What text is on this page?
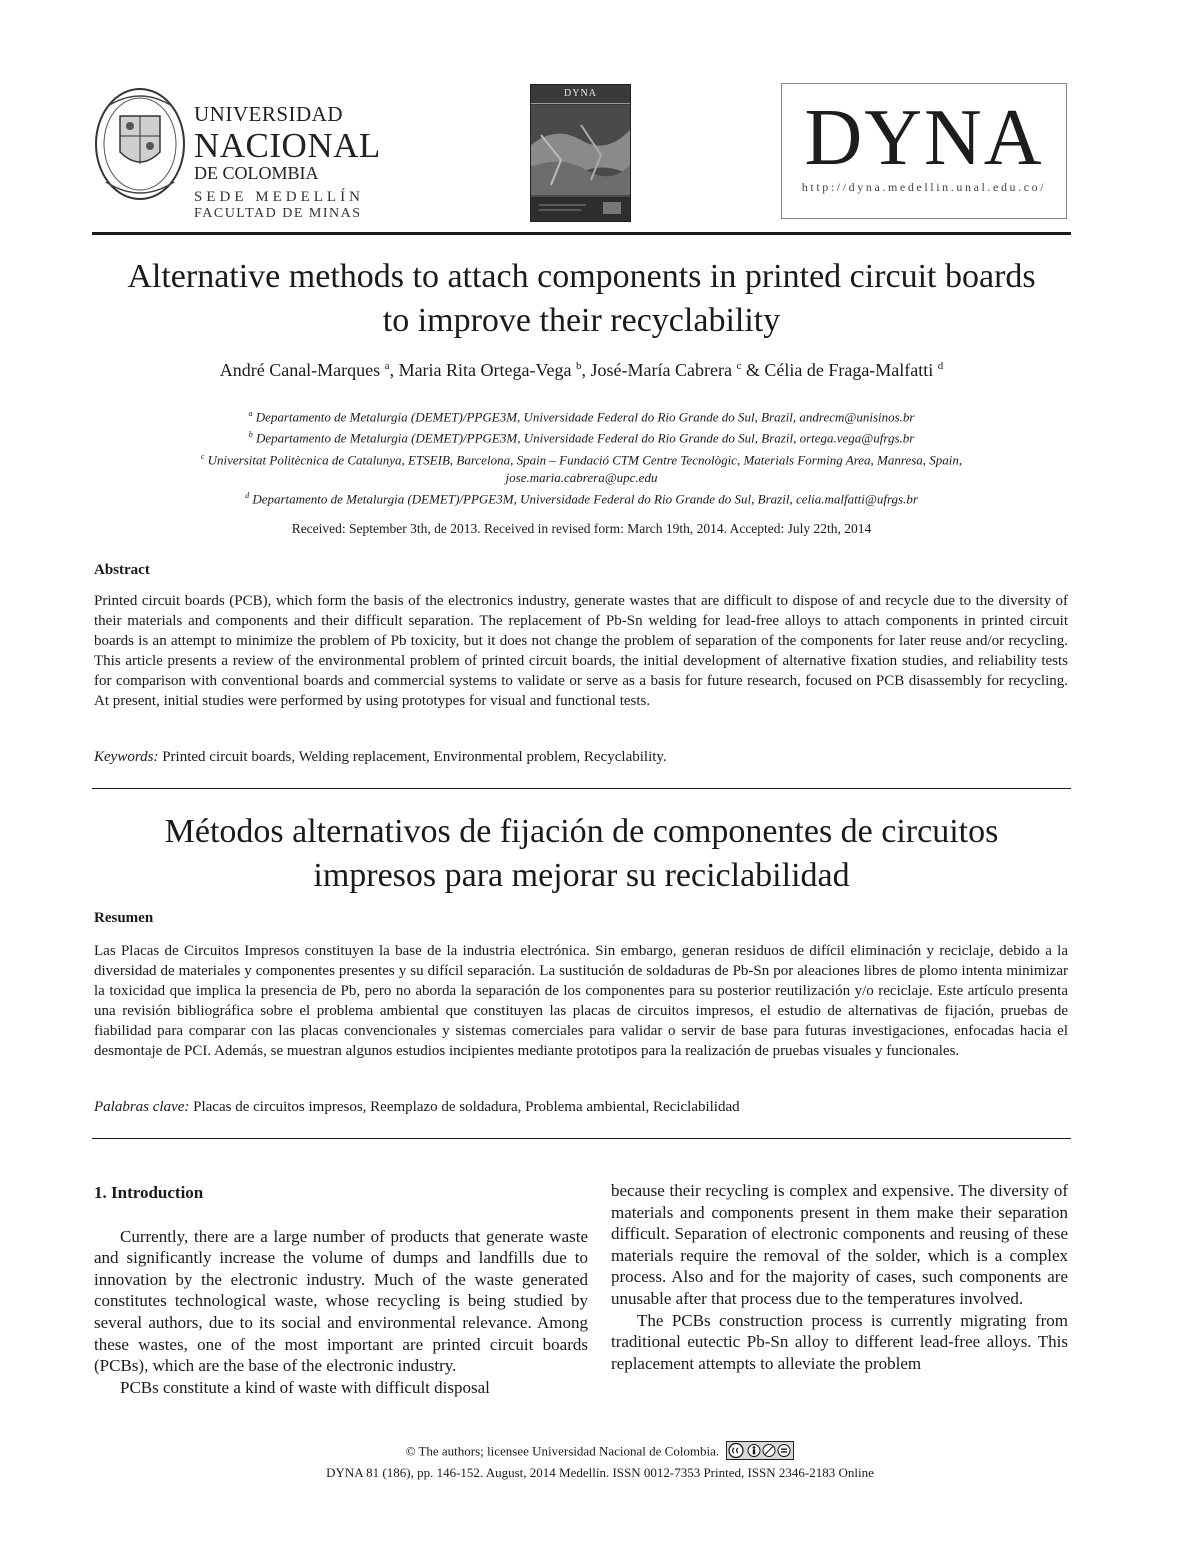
UNIVERSIDAD
NACIONAL
DE COLOMBIA
SEDE MEDELLÍN
FACULTAD DE MINAS
DYNA
DYNA
http://dyna.medellin.unal.edu.co/
Alternative methods to attach components in printed circuit boards
to improve their recyclability
André Canal-Marques $^a$, Maria Rita Ortega-Vega $^b$, José-María Cabrera $^c$ & Célia de Fraga-Malfatti $^d$
$^a$ Departamento de Metalurgia (DEMET)/PPGE3M, Universidade Federal do Rio Grande do Sul, Brazil, andrecm@unisinos.br
$^b$ Departamento de Metalurgia (DEMET)/PPGE3M, Universidade Federal do Rio Grande do Sul, Brazil, ortega.vega@ufrgs.br
$^c$ Universitat Politècnica de Catalunya, ETSEIB, Barcelona, Spain – Fundació CTM Centre Tecnològic, Materials Forming Area, Manresa, Spain,
jose.maria.cabrera@upc.edu
$^d$ Departamento de Metalurgia (DEMET)/PPGE3M, Universidade Federal do Rio Grande do Sul, Brazil, celia.malfatti@ufrgs.br
Received: September 3th, de 2013. Received in revised form: March 19th, 2014. Accepted: July 22th, 2014
Abstract
Printed circuit boards (PCB), which form the basis of the electronics industry, generate wastes that are difficult to dispose of and recycle due to the diversity of their materials and components and their difficult separation. The replacement of Pb-Sn welding for lead-free alloys to attach components in printed circuit boards is an attempt to minimize the problem of Pb toxicity, but it does not change the problem of separation of the components for later reuse and/or recycling. This article presents a review of the environmental problem of printed circuit boards, the initial development of alternative fixation studies, and reliability tests for comparison with conventional boards and commercial systems to validate or serve as a basis for future research, focused on PCB disassembly for recycling. At present, initial studies were performed by using prototypes for visual and functional tests.
Keywords: Printed circuit boards, Welding replacement, Environmental problem, Recyclability.
Métodos alternativos de fijación de componentes de circuitos
impresos para mejorar su reciclabilidad
Resumen
Las Placas de Circuitos Impresos constituyen la base de la industria electrónica. Sin embargo, generan residuos de difícil eliminación y reciclaje, debido a la diversidad de materiales y componentes presentes y su difícil separación. La sustitución de soldaduras de Pb-Sn por aleaciones libres de plomo intenta minimizar la toxicidad que implica la presencia de Pb, pero no aborda la separación de los componentes para su posterior reutilización y/o reciclaje. Este artículo presenta una revisión bibliográfica sobre el problema ambiental que constituyen las placas de circuitos impresos, el estudio de alternativas de fijación, pruebas de fiabilidad para comparar con las placas convencionales y sistemas comerciales para validar o servir de base para futuras investigaciones, enfocadas hacia el desmontaje de PCI. Además, se muestran algunos estudios incipientes mediante prototipos para la realización de pruebas visuales y funcionales.
Palabras clave: Placas de circuitos impresos, Reemplazo de soldadura, Problema ambiental, Reciclabilidad
1. Introduction

Currently, there are a large number of products that generate waste and significantly increase the volume of dumps and landfills due to innovation by the electronic industry. Much of the waste generated constitutes technological waste, whose recycling is being studied by several authors, due to its social and environmental relevance. Among these wastes, one of the most important are printed circuit boards (PCBs), which are the base of the electronic industry.

PCBs constitute a kind of waste with difficult disposal

because their recycling is complex and expensive. The diversity of materials and components present in them make their separation difficult. Separation of electronic components and reusing of these materials require the removal of the solder, which is a complex process. Also and for the majority of cases, such components are unusable after that process due to the temperatures involved.

The PCBs construction process is currently migrating from traditional eutectic Pb-Sn alloy to different lead-free alloys. This replacement attempts to alleviate the problem

© The authors; licensee Universidad Nacional de Colombia.
DYNA 81 (186), pp. 146-152. August, 2014 Medellín. ISSN 0012-7353 Printed, ISSN 2346-2183 Online
